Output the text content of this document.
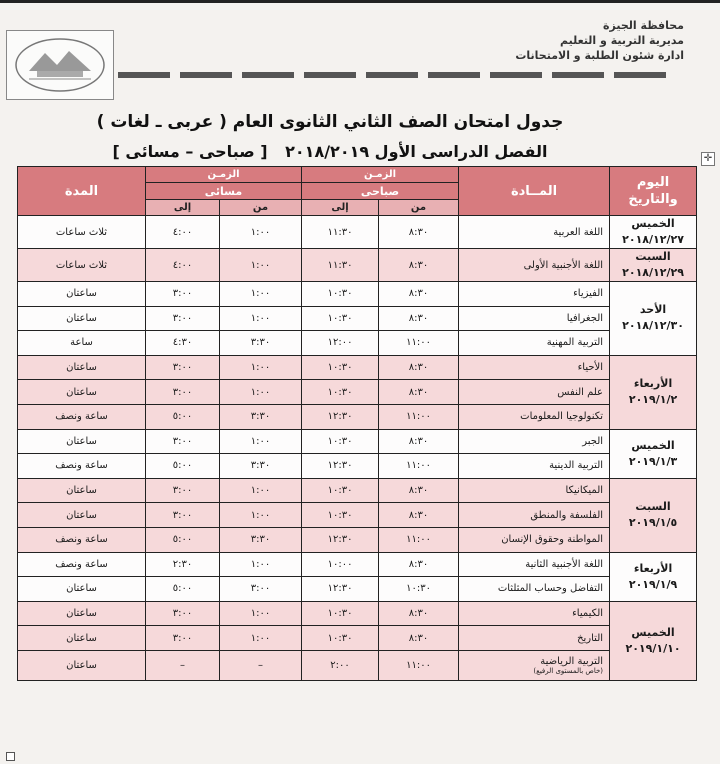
محافظة الجيزة
مديرية التربية و التعليم
ادارة شئون الطلبة و الامتحانات
جدول امتحان الصف الثاني الثانوى العام ( عربى ـ لغات )
الفصل الدراسى الأول ٢٠١٨/٢٠١٩ [ صباحى – مسائى ]	✛
اليوم والتاريخ	المــادة	الزمـن		الزمـن		المدة
		صباحى		مسائى		
		من	إلى	من	إلى	

الخميس
٢٠١٨/١٢/٢٧	اللغة العربية	٨:٣٠	١١:٣٠	١:٠٠	٤:٠٠	ثلاث ساعات

السبت
٢٠١٨/١٢/٢٩	اللغة الأجنبية الأولى	٨:٣٠	١١:٣٠	١:٠٠	٤:٠٠	ثلاث ساعات

الأحد
٢٠١٨/١٢/٣٠	الفيزياء	٨:٣٠	١٠:٣٠	١:٠٠	٣:٠٠	ساعتان
	الجغرافيا	٨:٣٠	١٠:٣٠	١:٠٠	٣:٠٠	ساعتان
	التربية المهنية	١١:٠٠	١٢:٠٠	٣:٣٠	٤:٣٠	ساعة

الأربعاء
٢٠١٩/١/٢	الأحياء	٨:٣٠	١٠:٣٠	١:٠٠	٣:٠٠	ساعتان
	علم النفس	٨:٣٠	١٠:٣٠	١:٠٠	٣:٠٠	ساعتان
	تكنولوجيا المعلومات	١١:٠٠	١٢:٣٠	٣:٣٠	٥:٠٠	ساعة ونصف

الخميس
٢٠١٩/١/٣	الجبر	٨:٣٠	١٠:٣٠	١:٠٠	٣:٠٠	ساعتان
	التربية الدينية	١١:٠٠	١٢:٣٠	٣:٣٠	٥:٠٠	ساعة ونصف

السبت
٢٠١٩/١/٥	الميكانيكا	٨:٣٠	١٠:٣٠	١:٠٠	٣:٠٠	ساعتان
	الفلسفة والمنطق	٨:٣٠	١٠:٣٠	١:٠٠	٣:٠٠	ساعتان
	المواطنة وحقوق الإنسان	١١:٠٠	١٢:٣٠	٣:٣٠	٥:٠٠	ساعة ونصف

الأربعاء
٢٠١٩/١/٩	اللغة الأجنبية الثانية	٨:٣٠	١٠:٠٠	١:٠٠	٢:٣٠	ساعة ونصف
	التفاضل وحساب المثلثات	١٠:٣٠	١٢:٣٠	٣:٠٠	٥:٠٠	ساعتان

الخميس
٢٠١٩/١/١٠	الكيمياء	٨:٣٠	١٠:٣٠	١:٠٠	٣:٠٠	ساعتان
	التاريخ	٨:٣٠	١٠:٣٠	١:٠٠	٣:٠٠	ساعتان
	التربية الرياضية
(خاص بالمستوى الرفيع)	١١:٠٠	٢:٠٠	–	–	ساعتان
